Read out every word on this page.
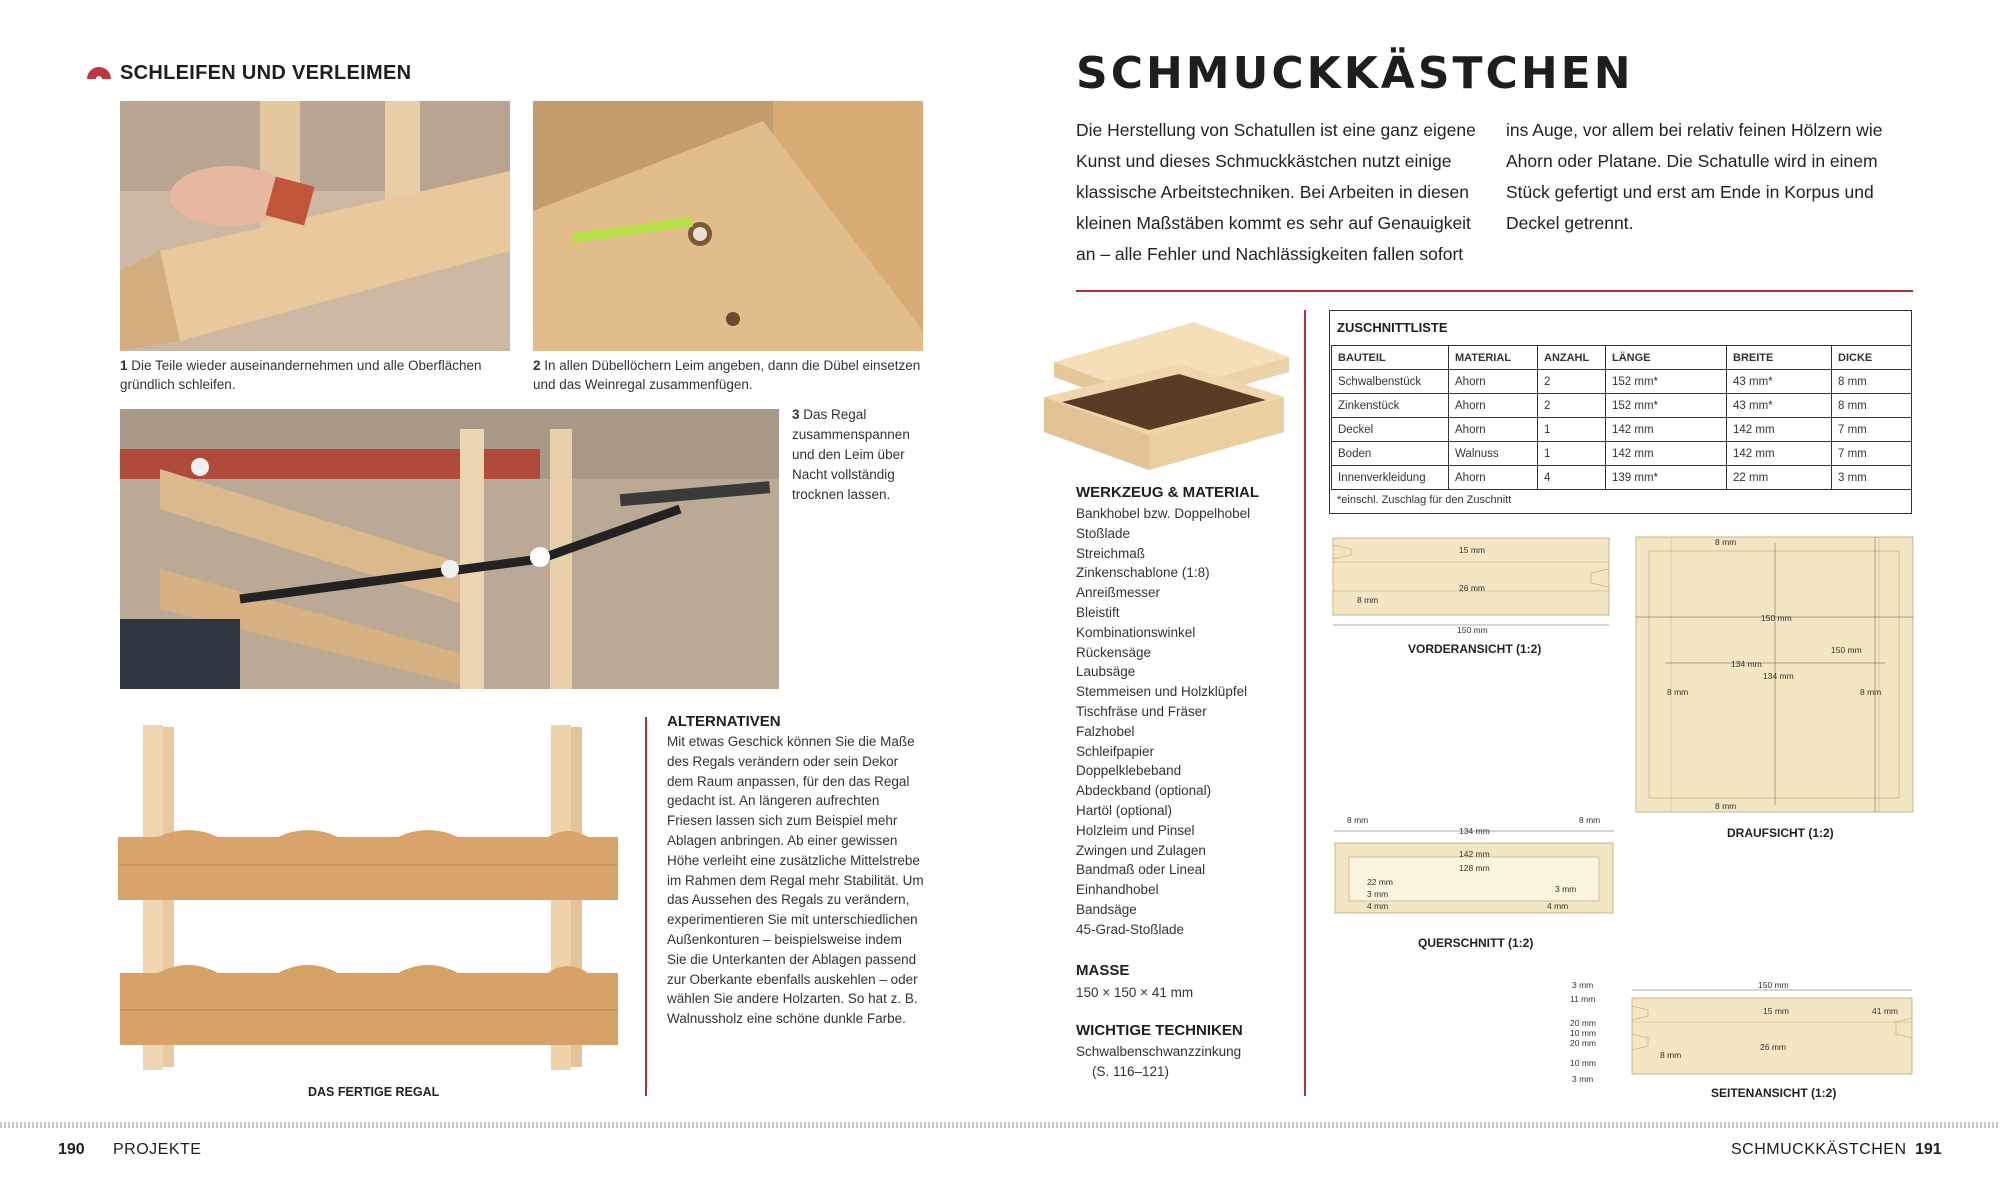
SCHLEIFEN UND VERLEIMEN
1 Die Teile wieder auseinandernehmen und alle Oberflächen gründlich schleifen.
2 In allen Dübellöchern Leim angeben, dann die Dübel einsetzen und das Weinregal zusammenfügen.
3 Das Regal zusammenspannen und den Leim über Nacht vollständig trocknen lassen.
DAS FERTIGE REGAL
ALTERNATIVEN
Mit etwas Geschick können Sie die Maße des Regals verändern oder sein Dekor dem Raum anpassen, für den das Regal gedacht ist. An längeren aufrechten Friesen lassen sich zum Beispiel mehr Ablagen anbringen. Ab einer gewissen Höhe verleiht eine zusätzliche Mittelstrebe im Rahmen dem Regal mehr Stabilität. Um das Aussehen des Regals zu verändern, experimentieren Sie mit unterschiedlichen Außenkonturen – beispielsweise indem Sie die Unterkanten der Ablagen passend zur Oberkante ebenfalls auskehlen – oder wählen Sie andere Holzarten. So hat z. B. Walnussholz eine schöne dunkle Farbe.
SCHMUCKKÄSTCHEN
Die Herstellung von Schatullen ist eine ganz eigene Kunst und dieses Schmuckkästchen nutzt einige klassische Arbeitstechniken. Bei Arbeiten in diesen kleinen Maßstäben kommt es sehr auf Genauigkeit an – alle Fehler und Nachlässigkeiten fallen sofort
ins Auge, vor allem bei relativ feinen Hölzern wie Ahorn oder Platane. Die Schatulle wird in einem Stück gefertigt und erst am Ende in Korpus und Deckel getrennt.
WERKZEUG & MATERIAL
Bankhobel bzw. Doppelhobel
Stoßlade
Streichmaß
Zinkenschablone (1:8)
Anreißmesser
Bleistift
Kombinationswinkel
Rückensäge
Laubsäge
Stemmeisen und Holzklüpfel
Tischfräse und Fräser
Falzhobel
Schleifpapier
Doppelklebeband
Abdeckband (optional)
Hartöl (optional)
Holzleim und Pinsel
Zwingen und Zulagen
Bandmaß oder Lineal
Einhandhobel
Bandsäge
45-Grad-Stoßlade
MASSE
150 × 150 × 41 mm
WICHTIGE TECHNIKEN
Schwalbenschwanzzinkung
(S. 116–121)
ZUSCHNITTLISTE
BAUTEIL	MATERIAL	ANZAHL	LÄNGE	BREITE	DICKE
Schwalbenstück	Ahorn	2	152 mm*	43 mm*	8 mm
Zinkenstück	Ahorn	2	152 mm*	43 mm*	8 mm
Deckel	Ahorn	1	142 mm	142 mm	7 mm
Boden	Walnuss	1	142 mm	142 mm	7 mm
Innenverkleidung	Ahorn	4	139 mm*	22 mm	3 mm
*einschl. Zuschlag für den Zuschnitt
15 mm
26 mm
8 mm
150 mm
VORDERANSICHT (1:2)
8 mm
150 mm
150 mm
134 mm
134 mm
8 mm	8 mm
8 mm
DRAUFSICHT (1:2)
8 mm
134 mm
8 mm
142 mm
128 mm
22 mm
3 mm
4 mm
3 mm
4 mm
QUERSCHNITT (1:2)
150 mm
15 mm	41 mm
26 mm
8 mm
3 mm
11 mm
20 mm
10 mm
20 mm
10 mm
3 mm
SEITENANSICHT (1:2)
190 PROJEKTE	SCHMUCKKÄSTCHEN 191
